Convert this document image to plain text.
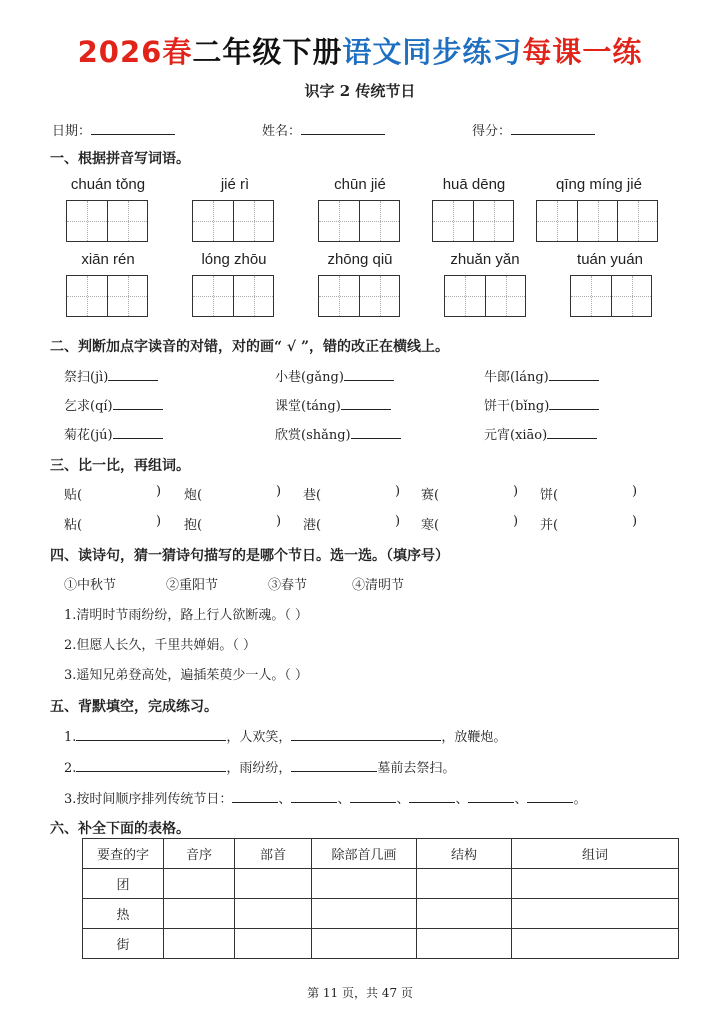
2026春二年级下册语文同步练习每课一练
识字 2 传统节日
日期：	姓名：	得分：
一、根据拼音写词语。
chuán tǒng	jié rì	chūn jié	huā dēng	qīng míng jié
xiān rén	lóng zhōu	zhōng qiū	zhuǎn yǎn	tuán yuán
二、判断加点字读音的对错，对的画“ √ ”，错的改正在横线上。
祭扫(jì)	小巷(gǎng)	牛郎(láng)
乞求(qí)	课堂(táng)	饼干(bǐng)
菊花(jú)	欣赏(shǎng)	元宵(xiāo)
三、比一比，再组词。
贴(	) 炮(	) 巷(	) 赛(	) 饼(	)
粘(	) 抱(	) 港(	) 寒(	) 并(	)
四、读诗句，猜一猜诗句描写的是哪个节日。选一选。（填序号）
①中秋节	②重阳节	③春节	④清明节
1.清明时节雨纷纷，路上行人欲断魂。（ ）
2.但愿人长久，千里共婵娟。（ ）
3.遥知兄弟登高处，遍插茱萸少一人。（ ）
五、背默填空，完成练习。
1.	，人欢笑，	，放鞭炮。
2.	，雨纷纷，	墓前去祭扫。
3.按时间顺序排列传统节日：	、	、	、	、	、	。
六、补全下面的表格。
要查的字	音序	部首	除部首几画	结构	组词
团					
热					
街					
第 11 页，共 47 页
